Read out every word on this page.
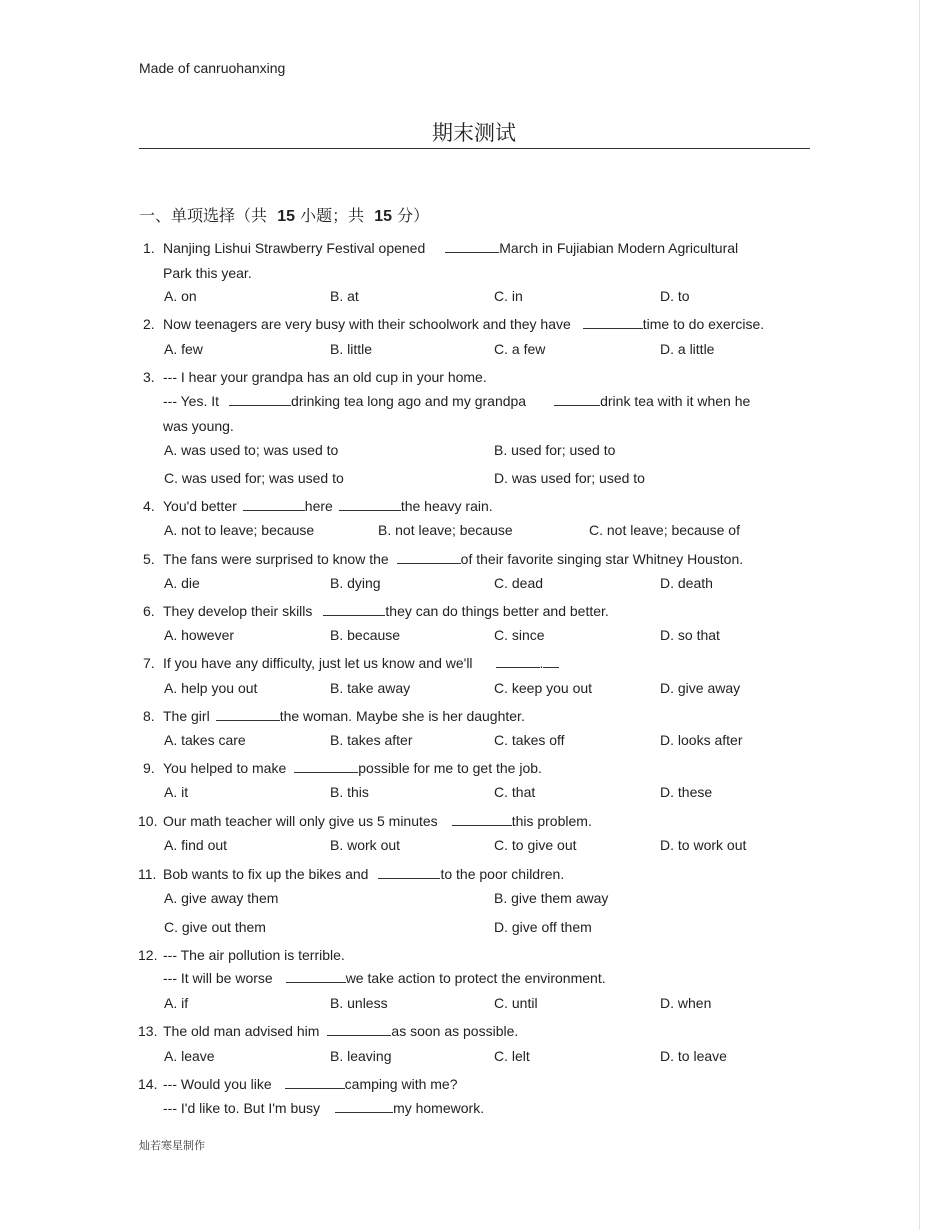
Made of canruohanxing
期末测试
一、单项选择（共 15 小题；共 15 分）
1. Nanjing Lishui Strawberry Festival opened	March in Fujiabian Modern Agricultural
Park this year.
A. on	B. at	C. in	D. to
2. Now teenagers are very busy with their schoolwork and they have	time to do exercise.
A. few	B. little	C. a few	D. a little
3. --- I hear your grandpa has an old cup in your home.
--- Yes. It	drinking tea long ago and my grandpa	drink tea with it when he
was young.
A. was used to; was used to	B. used for; used to
C. was used for; was used to	D. was used for; used to
4. You'd better	here	the heavy rain.
A. not to leave; because	B. not leave; because	C. not leave; because of
5. The fans were surprised to know the	of their favorite singing star Whitney Houston.
A. die	B. dying	C. dead	D. death
6. They develop their skills	they can do things better and better.
A. however	B. because	C. since	D. so that
7. If you have any difficulty, just let us know and we'll	.
A. help you out	B. take away	C. keep you out	D. give away
8. The girl	the woman. Maybe she is her daughter.
A. takes care	B. takes after	C. takes off	D. looks after
9. You helped to make	possible for me to get the job.
A. it	B. this	C. that	D. these
10. Our math teacher will only give us 5 minutes	this problem.
A. find out	B. work out	C. to give out	D. to work out
11. Bob wants to fix up the bikes and	to the poor children.
A. give away them	B. give them away
C. give out them	D. give off them
12. --- The air pollution is terrible.
--- It will be worse	we take action to protect the environment.
A. if	B. unless	C. until	D. when
13. The old man advised him	as soon as possible.
A. leave	B. leaving	C. lelt	D. to leave
14. --- Would you like	camping with me?
--- I'd like to. But I'm busy	my homework.
灿若寒星制作
